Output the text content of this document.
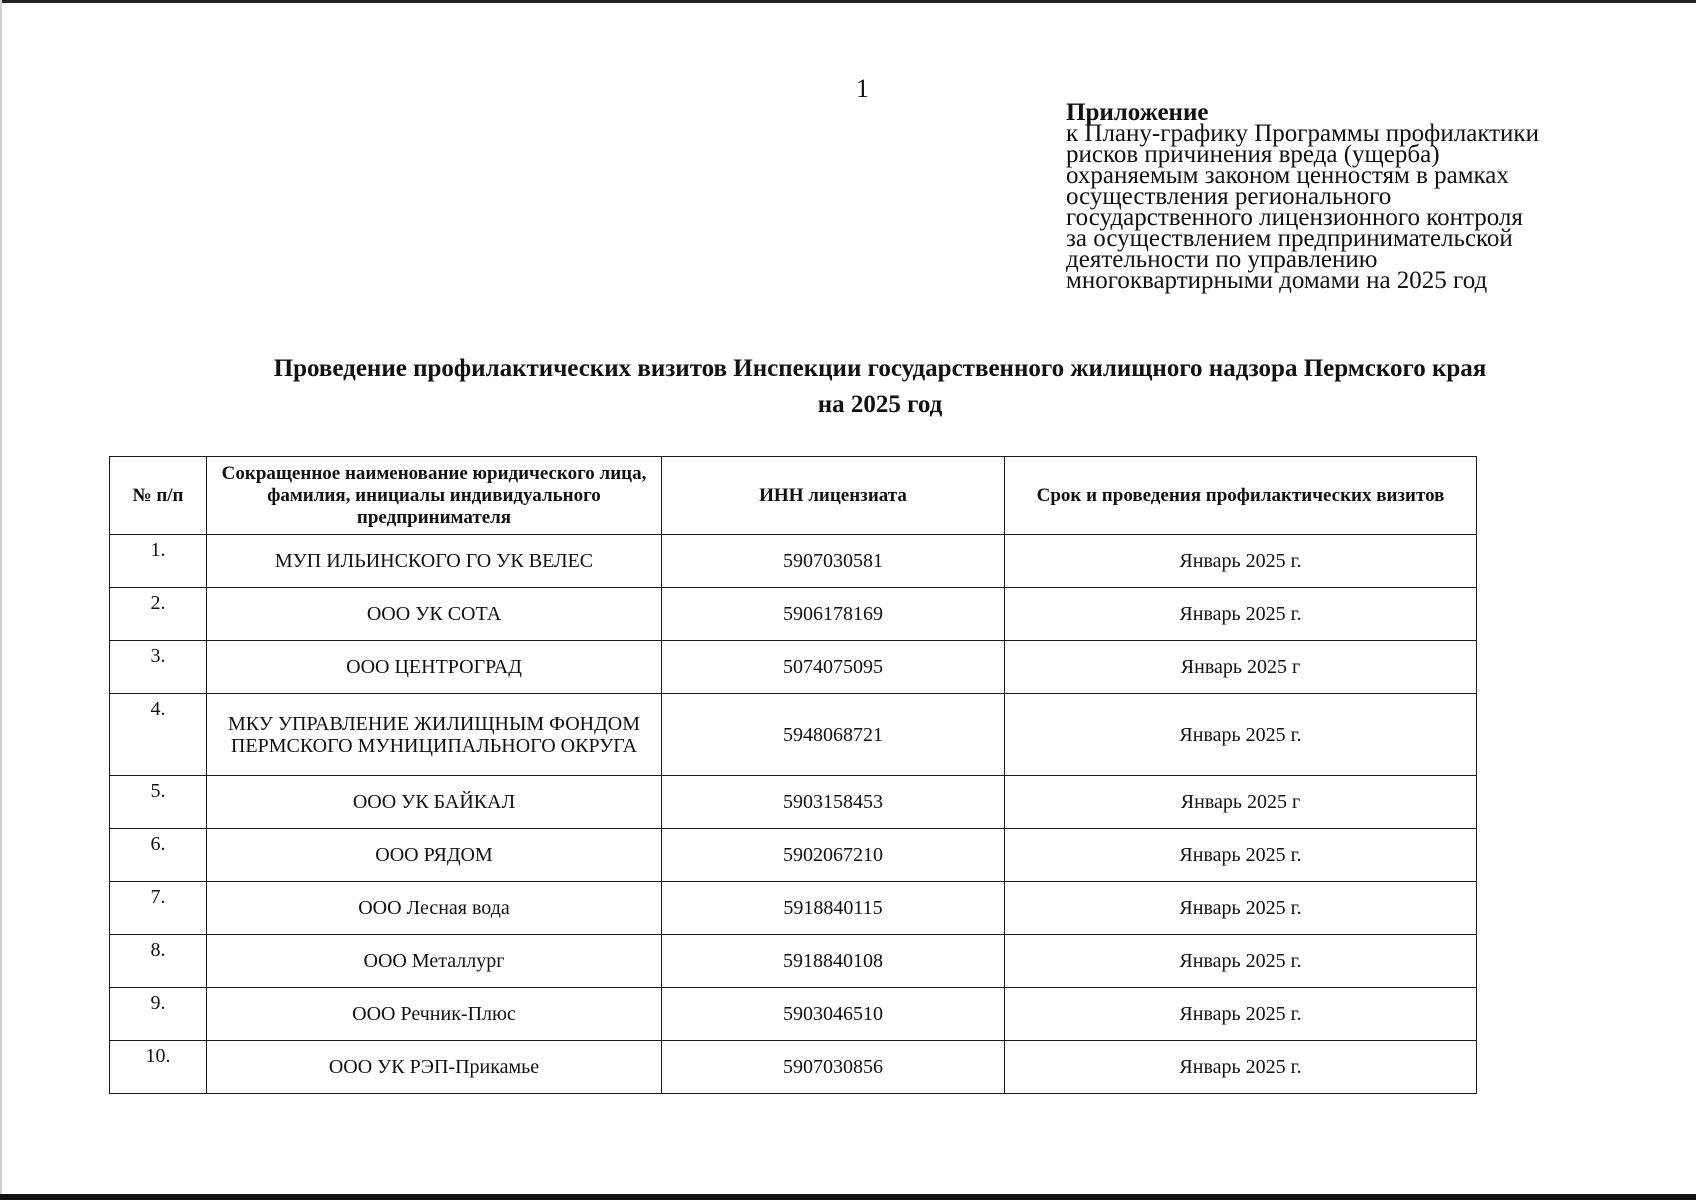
1
Приложение
к Плану-графику Программы профилактики
рисков причинения вреда (ущерба)
охраняемым законом ценностям в рамках
осуществления регионального
государственного лицензионного контроля
за осуществлением предпринимательской
деятельности по управлению
многоквартирными домами на 2025 год
Проведение профилактических визитов Инспекции государственного жилищного надзора Пермского края
на 2025 год
№ п/п	Сокращенное наименование юридического лица, фамилия, инициалы индивидуального предпринимателя	ИНН лицензиата	Срок и проведения профилактических визитов
1.	МУП ИЛЬИНСКОГО ГО УК ВЕЛЕС	5907030581	Январь 2025 г.
2.	ООО УК СОТА	5906178169	Январь 2025 г.
3.	ООО ЦЕНТРОГРАД	5074075095	Январь 2025 г
4.	МКУ УПРАВЛЕНИЕ ЖИЛИЩНЫМ ФОНДОМ ПЕРМСКОГО МУНИЦИПАЛЬНОГО ОКРУГА	5948068721	Январь 2025 г.
5.	ООО УК БАЙКАЛ	5903158453	Январь 2025 г
6.	ООО РЯДОМ	5902067210	Январь 2025 г.
7.	ООО Лесная вода	5918840115	Январь 2025 г.
8.	ООО Металлург	5918840108	Январь 2025 г.
9.	ООО Речник-Плюс	5903046510	Январь 2025 г.
10.	ООО УК РЭП-Прикамье	5907030856	Январь 2025 г.
